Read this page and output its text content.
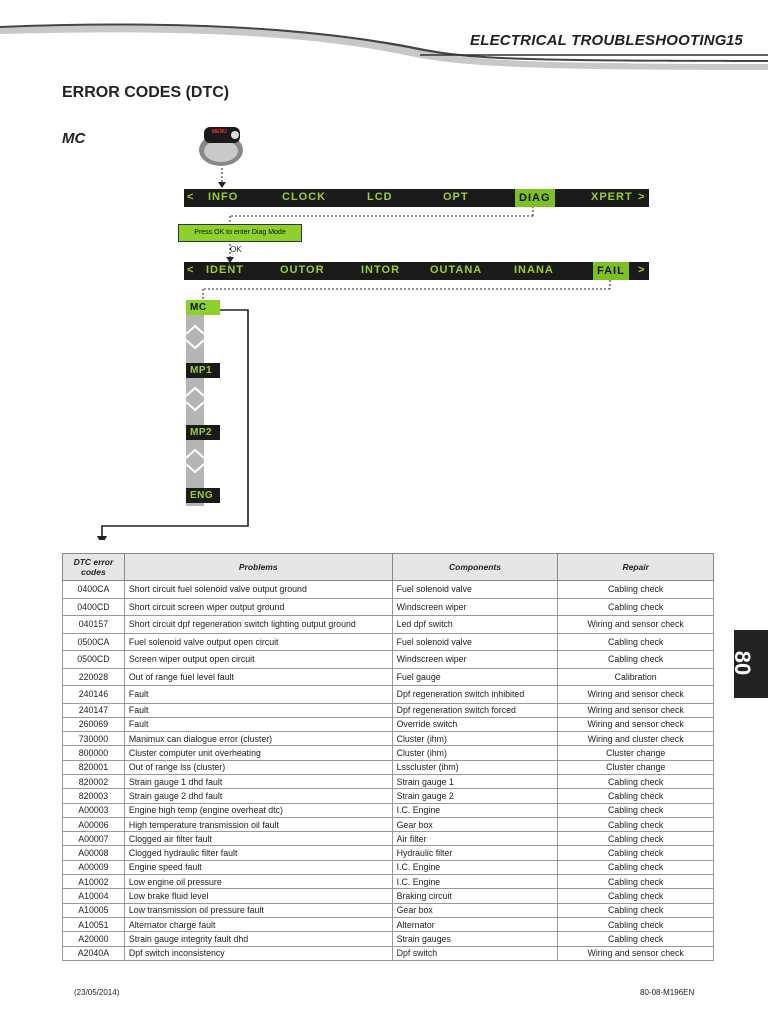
ELECTRICAL TROUBLESHOOTING 15
ERROR CODES (DTC)
MC	MENU
< INFO	CLOCK	LCD	OPT	DIAG	XPERT >
Press OK to enter Diag Mode
OK
< IDENT	OUTOR	INTOR	OUTANA	INANA	FAIL	>
MC
MP1
MP2
ENG
80
DTC error codes	Problems	Components	Repair
0400CA	Short circuit fuel solenoid valve output ground	Fuel solenoid valve	Cabling check
0400CD	Short circuit screen wiper output ground	Windscreen wiper	Cabling check
040157	Short circuit dpf regeneration switch lighting output ground	Led dpf switch	Wiring and sensor check
0500CA	Fuel solenoid valve output open circuit	Fuel solenoid valve	Cabling check
0500CD	Screen wiper output open circuit	Windscreen wiper	Cabling check
220028	Out of range fuel level fault	Fuel gauge	Calibration
240146	Fault	Dpf regeneration switch inhibited	Wiring and sensor check
240147	Fault	Dpf regeneration switch forced	Wiring and sensor check
260069	Fault	Override switch	Wiring and sensor check
730000	Manimux can dialogue error (cluster)	Cluster (ihm)	Wiring and cluster check
800000	Cluster computer unit overheating	Cluster (ihm)	Cluster change
820001	Out of range lss (cluster)	Lsscluster (ihm)	Cluster change
820002	Strain gauge 1 dhd fault	Strain gauge 1	Cabling check
820003	Strain gauge 2 dhd fault	Strain gauge 2	Cabling check
A00003	Engine high temp (engine overheat dtc)	I.C. Engine	Cabling check
A00006	High temperature transmission oil fault	Gear box	Cabling check
A00007	Clogged air filter fault	Air filter	Cabling check
A00008	Clogged hydraulic filter fault	Hydraulic filter	Cabling check
A00009	Engine speed fault	I.C. Engine	Cabling check
A10002	Low engine oil pressure	I.C. Engine	Cabling check
A10004	Low brake fluid level	Braking circuit	Cabling check
A10005	Low transmission oil pressure fault	Gear box	Cabling check
A10051	Alternator charge fault	Alternator	Cabling check
A20000	Strain gauge integrity fault dhd	Strain gauges	Cabling check
A2040A	Dpf switch inconsistency	Dpf switch	Wiring and sensor check
(23/05/2014)	80-08-M196EN
